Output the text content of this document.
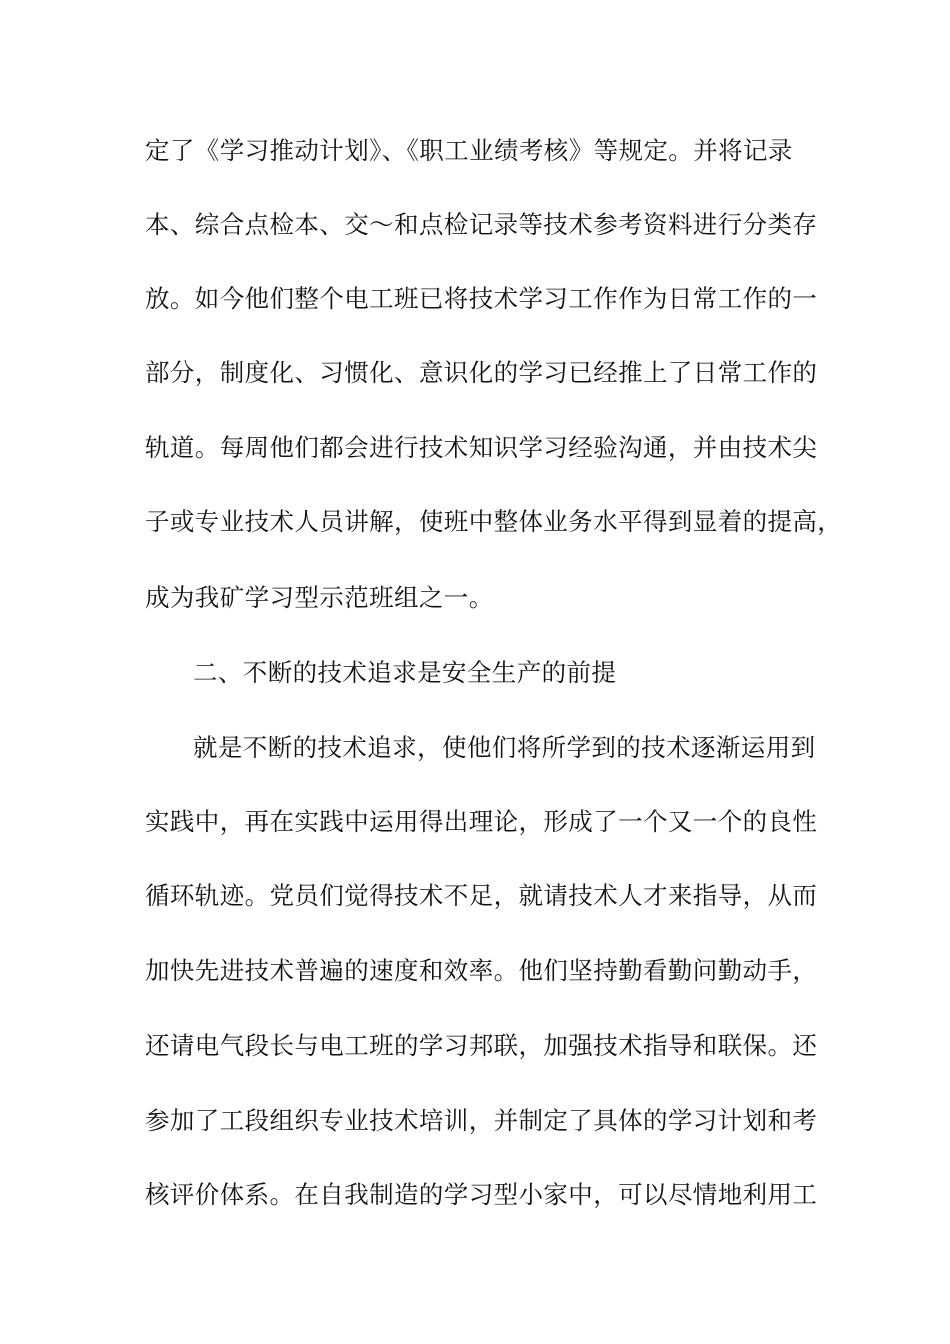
定了《学习推动计划》、《职工业绩考核》等规定。并将记录
本、综合点检本、交～和点检记录等技术参考资料进行分类存
放。如今他们整个电工班已将技术学习工作作为日常工作的一
部分，制度化、习惯化、意识化的学习已经推上了日常工作的
轨道。每周他们都会进行技术知识学习经验沟通，并由技术尖
子或专业技术人员讲解，使班中整体业务水平得到显着的提高，
成为我矿学习型示范班组之一。
二、不断的技术追求是安全生产的前提
就是不断的技术追求，使他们将所学到的技术逐渐运用到
实践中，再在实践中运用得出理论，形成了一个又一个的良性
循环轨迹。党员们觉得技术不足，就请技术人才来指导，从而
加快先进技术普遍的速度和效率。他们坚持勤看勤问勤动手，
还请电气段长与电工班的学习邦联，加强技术指导和联保。还
参加了工段组织专业技术培训，并制定了具体的学习计划和考
核评价体系。在自我制造的学习型小家中，可以尽情地利用工
